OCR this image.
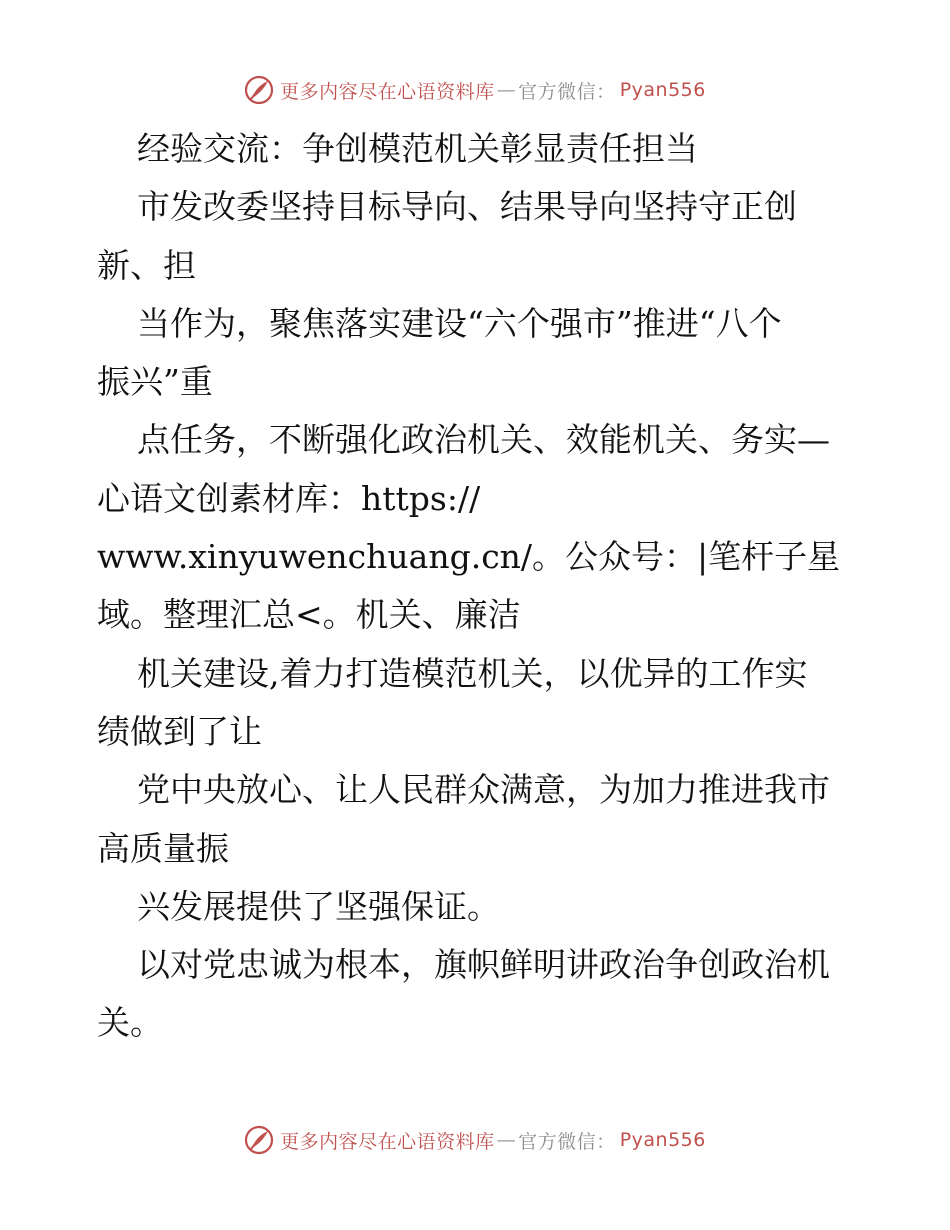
更多内容尽在心语资料库 — 官方微信： Pyan556

经验交流：争创模范机关彰显责任担当

市发改委坚持目标导向、结果导向坚持守正创

新、担

当作为，聚焦落实建设“六个强市”推进“八个

振兴”重

点任务，不断强化政治机关、效能机关、务实—

心语文创素材库：https://

www.xinyuwenchuang.cn/。公众号：|笔杆子星

域。整理汇总<。机关、廉洁

机关建设,着力打造模范机关，以优异的工作实

绩做到了让

党中央放心、让人民群众满意，为加力推进我市

高质量振

兴发展提供了坚强保证。

以对党忠诚为根本，旗帜鲜明讲政治争创政治机

关。

更多内容尽在心语资料库 — 官方微信： Pyan556
